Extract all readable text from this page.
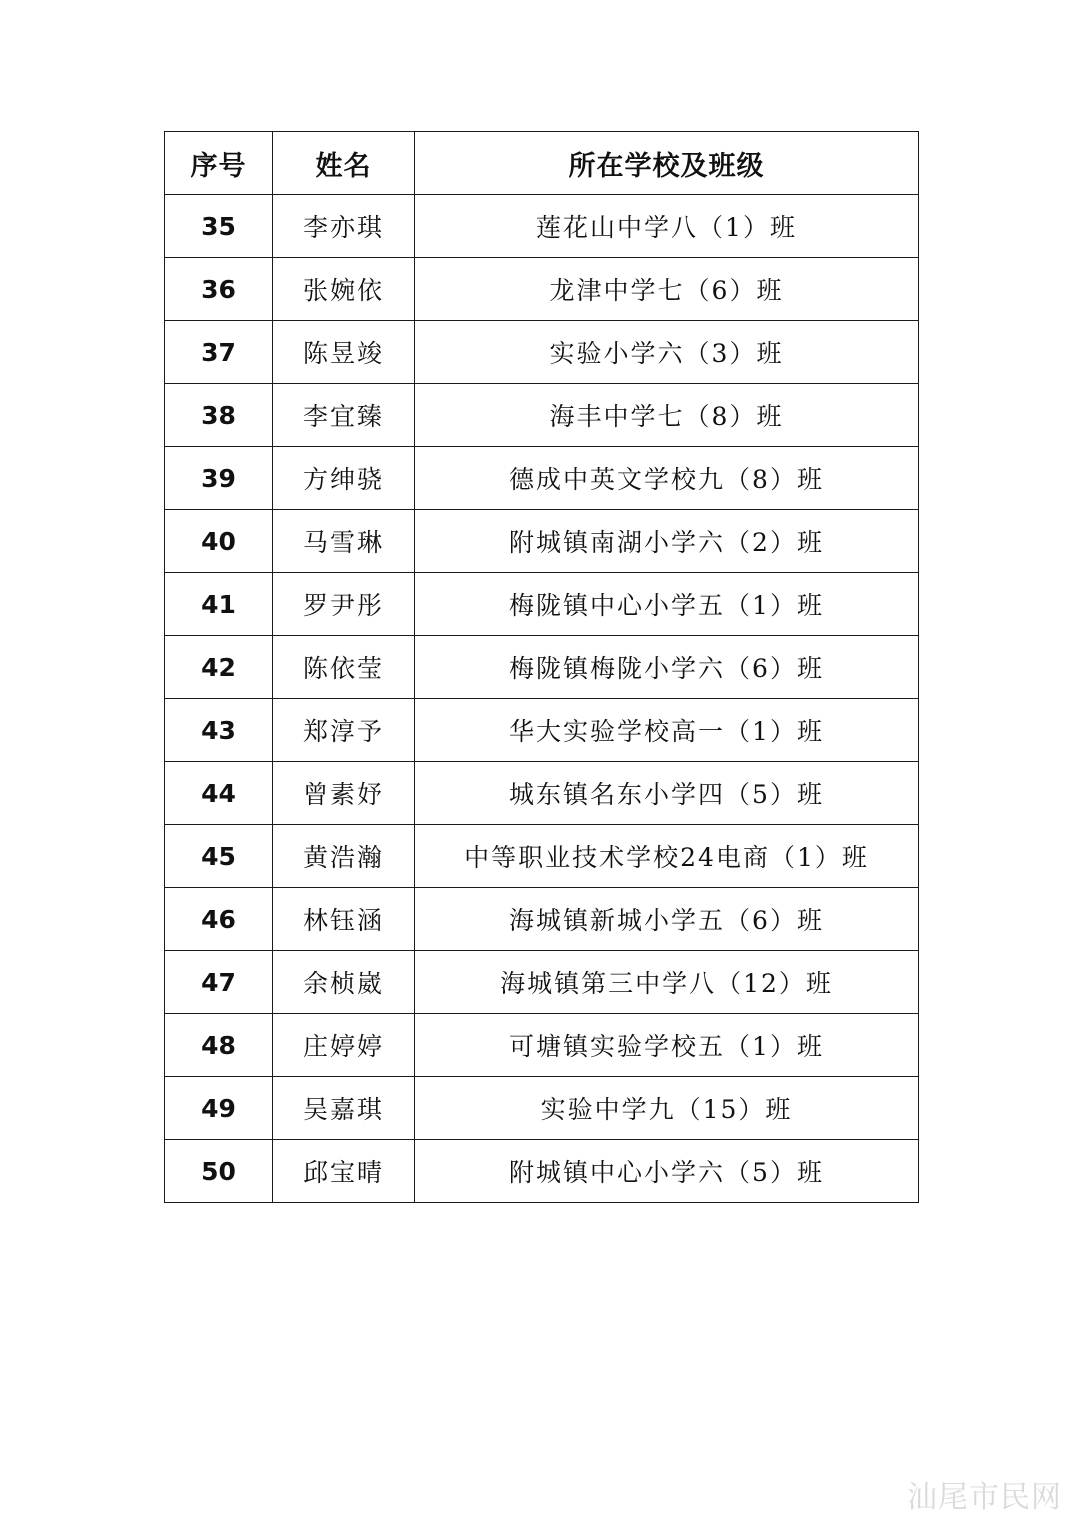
序号	姓名	所在学校及班级
35	李亦琪	莲花山中学八（1）班
36	张婉依	龙津中学七（6）班
37	陈昱竣	实验小学六（3）班
38	李宜臻	海丰中学七（8）班
39	方绅骁	德成中英文学校九（8）班
40	马雪琳	附城镇南湖小学六（2）班
41	罗尹彤	梅陇镇中心小学五（1）班
42	陈依莹	梅陇镇梅陇小学六（6）班
43	郑淳予	华大实验学校高一（1）班
44	曾素妤	城东镇名东小学四（5）班
45	黄浩瀚	中等职业技术学校24电商（1）班
46	林钰涵	海城镇新城小学五（6）班
47	余桢崴	海城镇第三中学八（12）班
48	庄婷婷	可塘镇实验学校五（1）班
49	吴嘉琪	实验中学九（15）班
50	邱宝晴	附城镇中心小学六（5）班
汕尾市民网
